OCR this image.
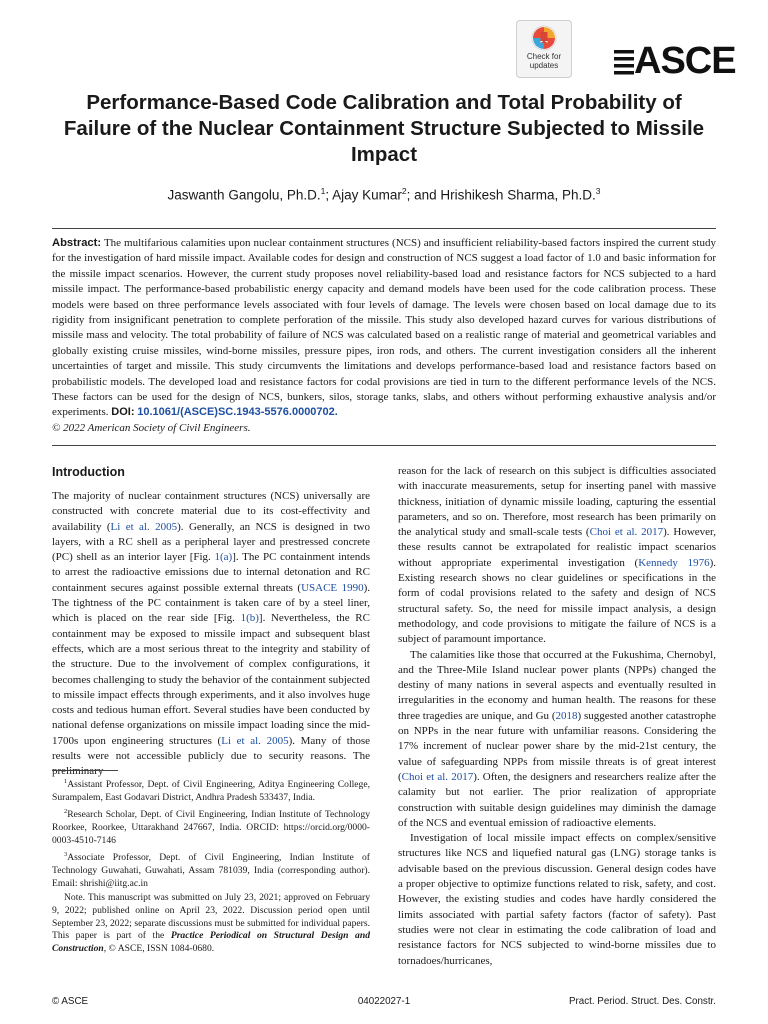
Check for updates	ASCE
Performance-Based Code Calibration and Total Probability of Failure of the Nuclear Containment Structure Subjected to Missile Impact
Jaswanth Gangolu, Ph.D.$^1$; Ajay Kumar$^2$; and Hrishikesh Sharma, Ph.D.$^3$
Abstract: The multifarious calamities upon nuclear containment structures (NCS) and insufficient reliability-based factors inspired the current study for the investigation of hard missile impact. Available codes for design and construction of NCS suggest a load factor of 1.0 and basic information for the missile impact scenarios. However, the current study proposes novel reliability-based load and resistance factors for NCS subjected to a hard missile impact. The performance-based probabilistic energy capacity and demand models have been used for the code calibration process. These models were based on three performance levels associated with four levels of damage. The levels were chosen based on local damage due to its rigidity from insignificant penetration to complete perforation of the missile. This study also developed hazard curves for various distributions of missile mass and velocity. The total probability of failure of NCS was calculated based on a realistic range of material and geometrical variables and globally existing cruise missiles, wind-borne missiles, pressure pipes, iron rods, and others. The current investigation considers all the inherent uncertainties of target and missile. This study circumvents the limitations and develops performance-based load and resistance factors based on probabilistic models. The developed load and resistance factors for codal provisions are tied in turn to the different performance levels of the NCS. These factors can be used for the design of NCS, bunkers, silos, storage tanks, slabs, and others without performing exhaustive analysis and/or experiments. DOI: 10.1061/(ASCE)SC.1943-5576.0000702.
© 2022 American Society of Civil Engineers.
Introduction

The majority of nuclear containment structures (NCS) universally are constructed with concrete material due to its cost-effectivity and availability (Li et al. 2005). Generally, an NCS is designed in two layers, with a RC shell as a peripheral layer and prestressed concrete (PC) shell as an interior layer [Fig. 1(a)]. The PC containment intends to arrest the radioactive emissions due to internal detonation and RC containment secures against possible external threats (USACE 1990). The tightness of the PC containment is taken care of by a steel liner, which is placed on the rear side [Fig. 1(b)]. Nevertheless, the RC containment may be exposed to missile impact and subsequent blast effects, which are a most serious threat to the integrity and stability of the structure. Due to the involvement of complex configurations, it becomes challenging to study the behavior of the containment subjected to missile impact effects through experiments, and it also involves huge costs and tedious human effort. Several studies have been conducted by national defense organizations on missile impact loading since the mid-1700s upon engineering structures (Li et al. 2005). Many of those results were not accessible publicly due to security reasons. The preliminary

reason for the lack of research on this subject is difficulties associated with inaccurate measurements, setup for inserting panel with massive thickness, initiation of dynamic missile loading, capturing the essential parameters, and so on. Therefore, most research has been primarily on the analytical study and small-scale tests (Choi et al. 2017). However, these results cannot be extrapolated for realistic impact scenarios without appropriate experimental investigation (Kennedy 1976). Existing research shows no clear guidelines or specifications in the form of codal provisions related to the safety and design of NCS structural safety. So, the need for missile impact analysis, a design methodology, and code provisions to mitigate the failure of NCS is a subject of paramount importance.

The calamities like those that occurred at the Fukushima, Chernobyl, and the Three-Mile Island nuclear power plants (NPPs) changed the destiny of many nations in several aspects and eventually resulted in irregularities in the economy and human health. The reasons for these three tragedies are unique, and Gu (2018) suggested another catastrophe on NPPs in the near future with unfamiliar reasons. Considering the 17% increment of nuclear power share by the mid-21st century, the value of safeguarding NPPs from missile threats is of great interest (Choi et al. 2017). Often, the designers and researchers realize after the calamity but not earlier. The prior realization of appropriate construction with suitable design guidelines may diminish the damage of the NCS and eventual emission of radioactive elements.

Investigation of local missile impact effects on complex/sensitive structures like NCS and liquefied natural gas (LNG) storage tanks is advisable based on the previous discussion. General design codes have a proper objective to optimize functions related to risk, safety, and cost. However, the existing studies and codes have hardly considered the limits associated with partial safety factors (factor of safety). Past studies were not clear in estimating the code calibration of load and resistance factors for NCS subjected to wind-borne missiles due to tornadoes/hurricanes,

$^1$Assistant Professor, Dept. of Civil Engineering, Aditya Engineering College, Surampalem, East Godavari District, Andhra Pradesh 533437, India.

$^2$Research Scholar, Dept. of Civil Engineering, Indian Institute of Technology Roorkee, Roorkee, Uttarakhand 247667, India. ORCID: https://orcid.org/0000-0003-4510-7146

$^3$Associate Professor, Dept. of Civil Engineering, Indian Institute of Technology Guwahati, Guwahati, Assam 781039, India (corresponding author). Email: shrishi@iitg.ac.in

Note. This manuscript was submitted on July 23, 2021; approved on February 9, 2022; published online on April 23, 2022. Discussion period open until September 23, 2022; separate discussions must be submitted for individual papers. This paper is part of the Practice Periodical on Structural Design and Construction, © ASCE, ISSN 1084-0680.

© ASCE	04022027-1	Pract. Period. Struct. Des. Constr.
